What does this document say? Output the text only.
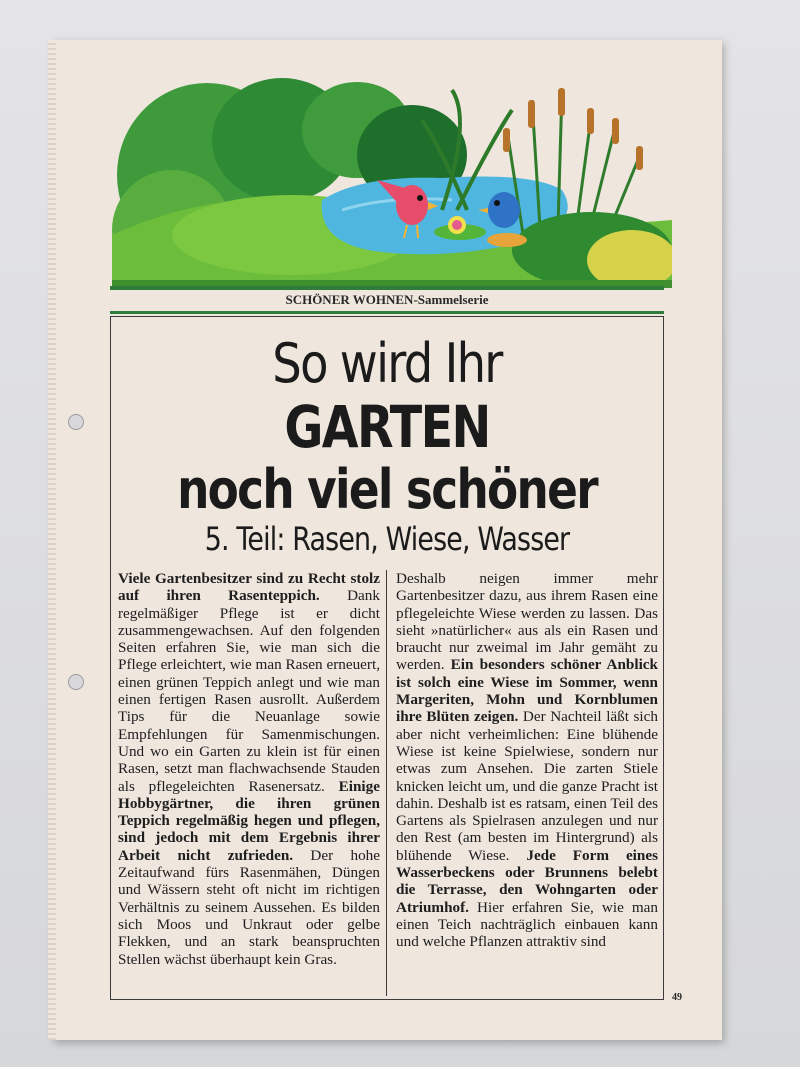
SCHÖNER WOHNEN-Sammelserie
So wird Ihr
GARTEN
noch viel schöner
5. Teil: Rasen, Wiese, Wasser
Viele Gartenbesitzer sind zu Recht stolz auf ihren Rasenteppich. Dank regelmäßiger Pflege ist er dicht zusammengewachsen. Auf den folgenden Seiten erfahren Sie, wie man sich die Pflege erleichtert, wie man Rasen erneuert, einen grünen Teppich anlegt und wie man einen fertigen Rasen ausrollt. Außerdem Tips für die Neuanlage sowie Empfehlungen für Samenmischungen. Und wo ein Garten zu klein ist für einen Rasen, setzt man flachwachsende Stauden als pflegeleichten Rasenersatz. Einige Hobbygärtner, die ihren grünen Teppich regelmäßig hegen und pflegen, sind jedoch mit dem Ergebnis ihrer Arbeit nicht zufrieden. Der hohe Zeitaufwand fürs Rasenmähen, Düngen und Wässern steht oft nicht im richtigen Verhältnis zu seinem Aussehen. Es bilden sich Moos und Unkraut oder gelbe Flekken, und an stark beanspruchten Stellen wächst überhaupt kein Gras.
Deshalb neigen immer mehr Gartenbesitzer dazu, aus ihrem Rasen eine pflegeleichte Wiese werden zu lassen. Das sieht »natürlicher« aus als ein Rasen und braucht nur zweimal im Jahr gemäht zu werden. Ein besonders schöner Anblick ist solch eine Wiese im Sommer, wenn Margeriten, Mohn und Kornblumen ihre Blüten zeigen. Der Nachteil läßt sich aber nicht verheimlichen: Eine blühende Wiese ist keine Spielwiese, sondern nur etwas zum Ansehen. Die zarten Stiele knicken leicht um, und die ganze Pracht ist dahin. Deshalb ist es ratsam, einen Teil des Gartens als Spielrasen anzulegen und nur den Rest (am besten im Hintergrund) als blühende Wiese. Jede Form eines Wasserbeckens oder Brunnens belebt die Terrasse, den Wohngarten oder Atriumhof. Hier erfahren Sie, wie man einen Teich nachträglich einbauen kann und welche Pflanzen attraktiv sind
49
